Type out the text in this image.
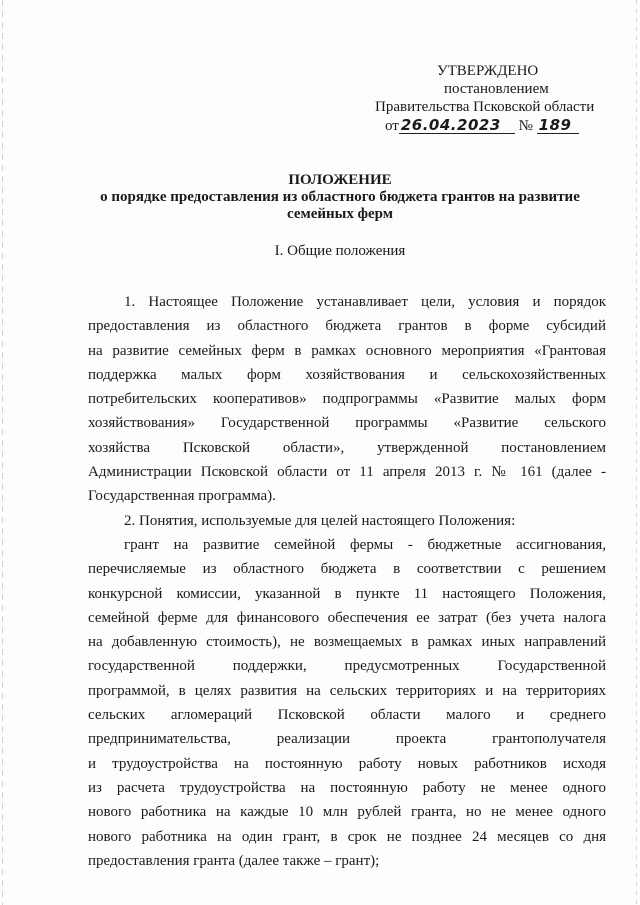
УТВЕРЖДЕНО
постановлением
Правительства Псковской области
от 26.04.2023 № 189
ПОЛОЖЕНИЕ
о порядке предоставления из областного бюджета грантов на развитие
семейных ферм
I. Общие положения
1. Настоящее Положение устанавливает цели, условия и порядок
предоставления из областного бюджета грантов в форме субсидий
на развитие семейных ферм в рамках основного мероприятия «Грантовая
поддержка малых форм хозяйствования и сельскохозяйственных
потребительских кооперативов» подпрограммы «Развитие малых форм
хозяйствования» Государственной программы «Развитие сельского
хозяйства Псковской области», утвержденной постановлением
Администрации Псковской области от 11 апреля 2013 г. № 161 (далее -
Государственная программа).
2. Понятия, используемые для целей настоящего Положения:
грант на развитие семейной фермы - бюджетные ассигнования,
перечисляемые из областного бюджета в соответствии с решением
конкурсной комиссии, указанной в пункте 11 настоящего Положения,
семейной ферме для финансового обеспечения ее затрат (без учета налога
на добавленную стоимость), не возмещаемых в рамках иных направлений
государственной поддержки, предусмотренных Государственной
программой, в целях развития на сельских территориях и на территориях
сельских агломераций Псковской области малого и среднего
предпринимательства, реализации проекта грантополучателя
и трудоустройства на постоянную работу новых работников исходя
из расчета трудоустройства на постоянную работу не менее одного
нового работника на каждые 10 млн рублей гранта, но не менее одного
нового работника на один грант, в срок не позднее 24 месяцев со дня
предоставления гранта (далее также – грант);
